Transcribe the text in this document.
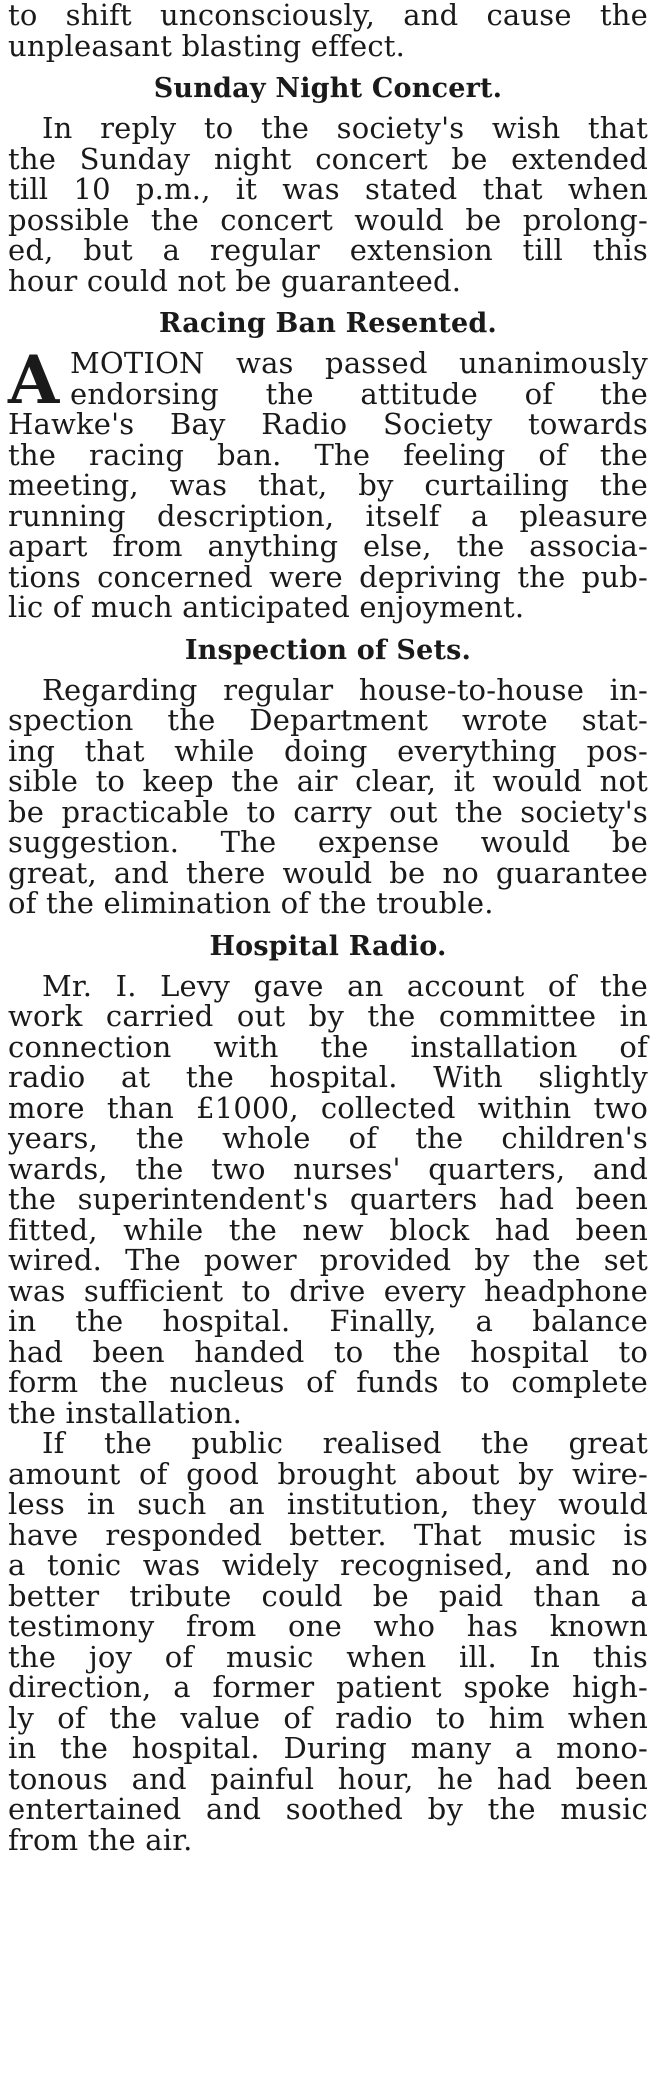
to shift unconsciously, and cause the
unpleasant blasting effect.
Sunday Night Concert.
In reply to the society's wish that
the Sunday night concert be extended
till 10 p.m., it was stated that when
possible the concert would be prolong-
ed, but a regular extension till this
hour could not be guaranteed.
Racing Ban Resented.
A MOTION was passed unanimously
endorsing the attitude of the
Hawke's Bay Radio Society towards
the racing ban. The feeling of the
meeting, was that, by curtailing the
running description, itself a pleasure
apart from anything else, the associa-
tions concerned were depriving the pub-
lic of much anticipated enjoyment.
Inspection of Sets.
Regarding regular house-to-house in-
spection the Department wrote stat-
ing that while doing everything pos-
sible to keep the air clear, it would not
be practicable to carry out the society's
suggestion. The expense would be
great, and there would be no guarantee
of the elimination of the trouble.
Hospital Radio.
Mr. I. Levy gave an account of the
work carried out by the committee in
connection with the installation of
radio at the hospital. With slightly
more than £1000, collected within two
years, the whole of the children's
wards, the two nurses' quarters, and
the superintendent's quarters had been
fitted, while the new block had been
wired. The power provided by the set
was sufficient to drive every headphone
in the hospital. Finally, a balance
had been handed to the hospital to
form the nucleus of funds to complete
the installation.
If the public realised the great
amount of good brought about by wire-
less in such an institution, they would
have responded better. That music is
a tonic was widely recognised, and no
better tribute could be paid than a
testimony from one who has known
the joy of music when ill. In this
direction, a former patient spoke high-
ly of the value of radio to him when
in the hospital. During many a mono-
tonous and painful hour, he had been
entertained and soothed by the music
from the air.
